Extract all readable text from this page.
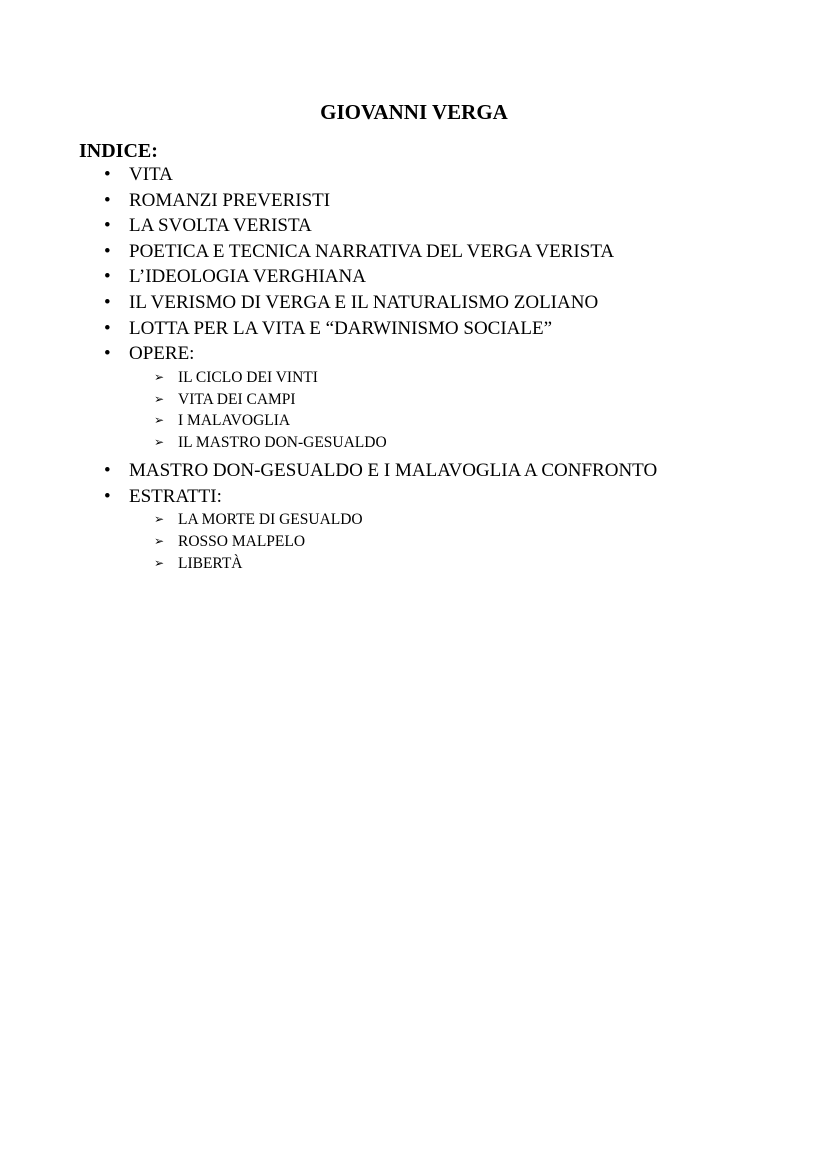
GIOVANNI VERGA
INDICE:
• VITA
• ROMANZI PREVERISTI
• LA SVOLTA VERISTA
• POETICA E TECNICA NARRATIVA DEL VERGA VERISTA
• L’IDEOLOGIA VERGHIANA
• IL VERISMO DI VERGA E IL NATURALISMO ZOLIANO
• LOTTA PER LA VITA E “DARWINISMO SOCIALE”
• OPERE:
➢ IL CICLO DEI VINTI
➢ VITA DEI CAMPI
➢ I MALAVOGLIA
➢ IL MASTRO DON-GESUALDO
• MASTRO DON-GESUALDO E I MALAVOGLIA A CONFRONTO
• ESTRATTI:
➢ LA MORTE DI GESUALDO
➢ ROSSO MALPELO
➢ LIBERTÀ
